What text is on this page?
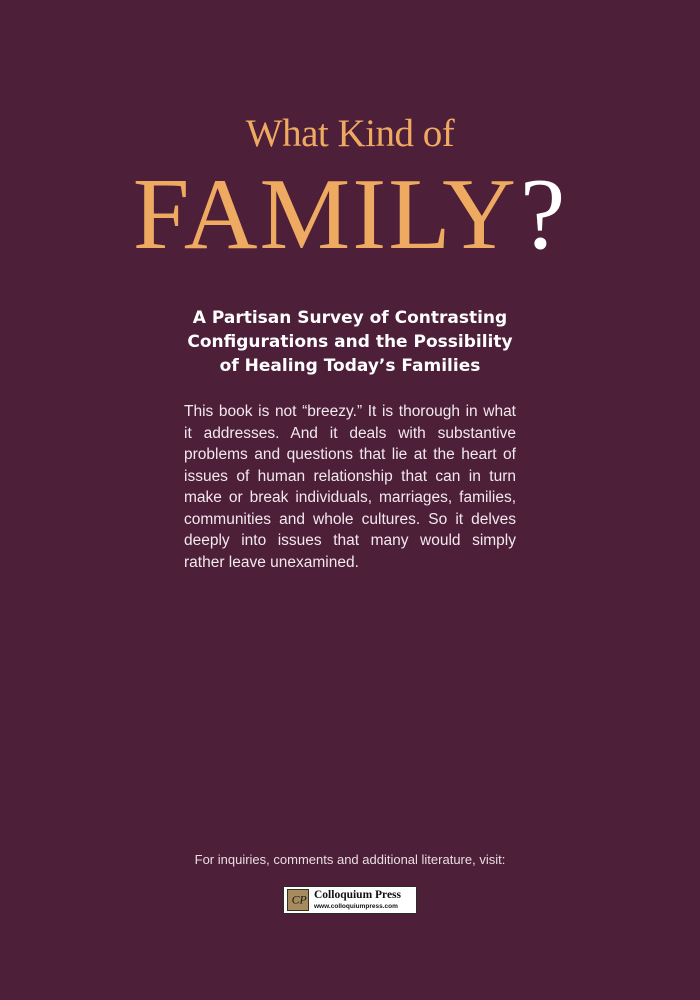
What Kind of
FAMILY?
A Partisan Survey of Contrasting
Configurations and the Possibility
of Healing Today’s Families
This book is not “breezy.” It is thorough in what it addresses. And it deals with substantive problems and questions that lie at the heart of issues of human relationship that can in turn make or break individuals, marriages, families, communities and whole cultures. So it delves deeply into issues that many would simply rather leave unexamined.
For inquiries, comments and additional literature, visit:
CP Colloquium Press
www.colloquiumpress.com
